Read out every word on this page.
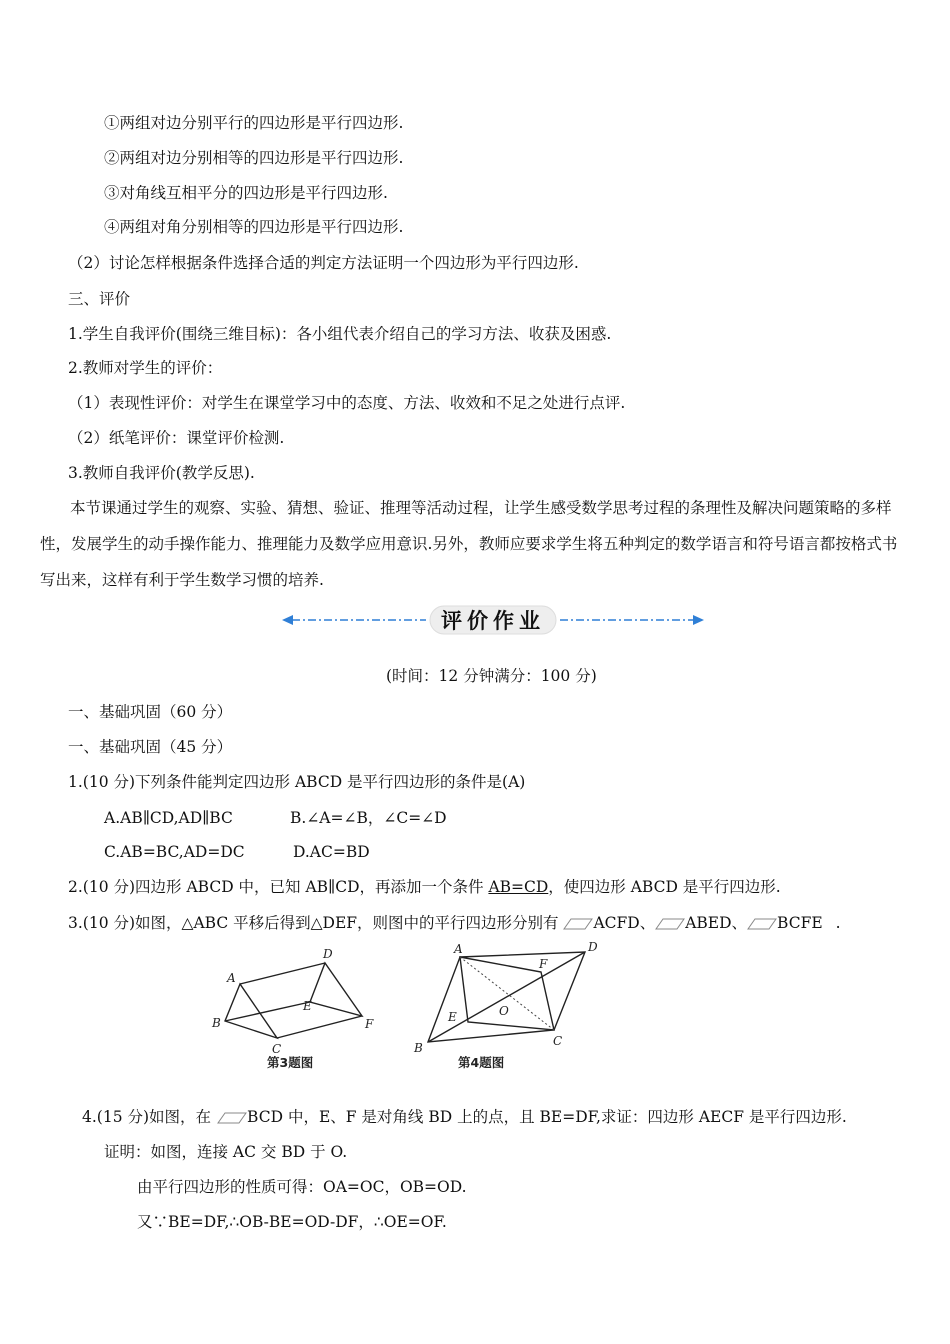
①两组对边分别平行的四边形是平行四边形.
②两组对边分别相等的四边形是平行四边形.
③对角线互相平分的四边形是平行四边形.
④两组对角分别相等的四边形是平行四边形.
（2）讨论怎样根据条件选择合适的判定方法证明一个四边形为平行四边形.
三、评价
1.学生自我评价(围绕三维目标)：各小组代表介绍自己的学习方法、收获及困惑.
2.教师对学生的评价：
（1）表现性评价：对学生在课堂学习中的态度、方法、收效和不足之处进行点评.
（2）纸笔评价：课堂评价检测.
3.教师自我评价(教学反思).
本节课通过学生的观察、实验、猜想、验证、推理等活动过程，让学生感受数学思考过程的条理性及解决问题策略的多样性，发展学生的动手操作能力、推理能力及数学应用意识.另外，教师应要求学生将五种判定的数学语言和符号语言都按格式书写出来，这样有利于学生数学习惯的培养.
评价作业
(时间：12 分钟满分：100 分)
一、基础巩固（60 分）
一、基础巩固（45 分）
1.(10 分)下列条件能判定四边形 ABCD 是平行四边形的条件是(A)
A.AB∥CD,AD∥BC	B.∠A=∠B，∠C=∠D
C.AB=BC,AD=DC	D.AC=BD
2.(10 分)四边形 ABCD 中，已知 AB∥CD，再添加一个条件 AB=CD，使四边形 ABCD 是平行四边形.
3.(10 分)如图，△ABC 平移后得到△DEF，则图中的平行四边形分别有 ACFD、 ABED、 BCFE .
A
B
C
D
E
F
第3题图
A
B	C
D
E
F
O
第4题图
4.(15 分)如图，在 BCD 中，E、F 是对角线 BD 上的点，且 BE=DF,求证：四边形 AECF 是平行四边形.
证明：如图，连接 AC 交 BD 于 O.
由平行四边形的性质可得：OA=OC，OB=OD.
又∵BE=DF,∴OB-BE=OD-DF，∴OE=OF.
